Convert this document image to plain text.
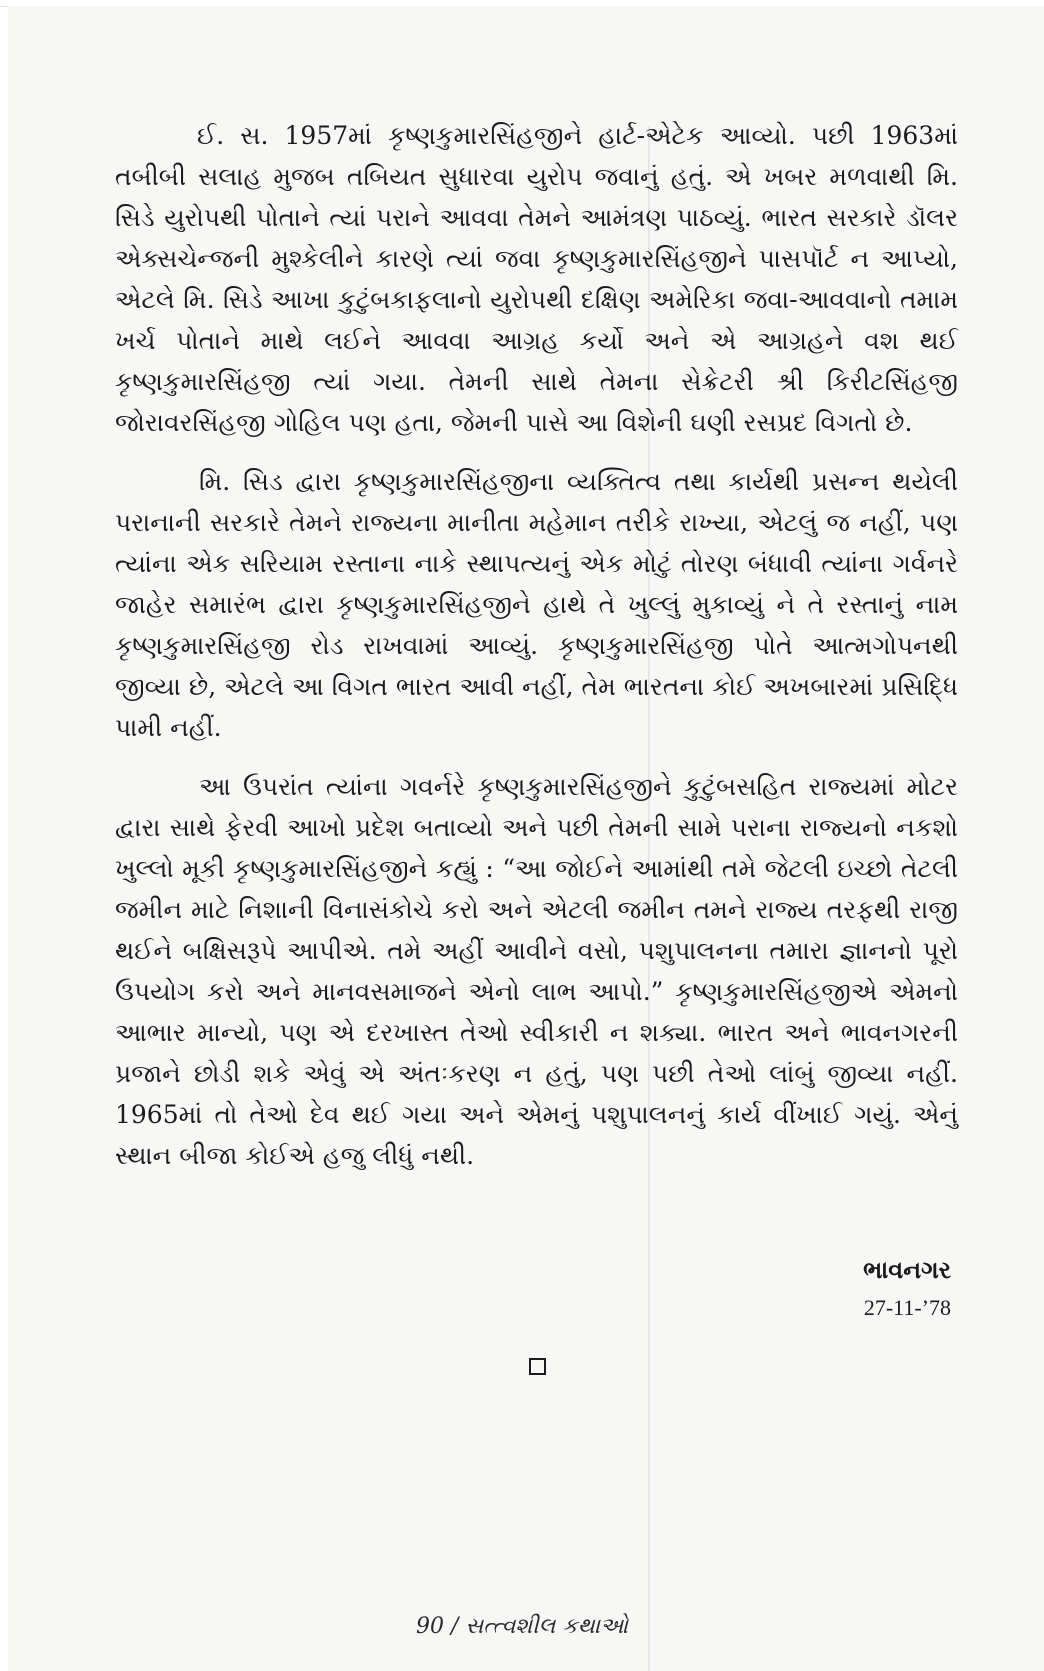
ઈ. સ. 1957માં કૃષ્ણકુમારસિંહજીને હાર્ટ-એટેક આવ્યો. પછી 1963માં તબીબી સલાહ મુજબ તબિયત સુધારવા યુરોપ જવાનું હતું. એ ખબર મળવાથી મિ. સિડે યુરોપથી પોતાને ત્યાં પરાને આવવા તેમને આમંત્રણ પાઠવ્યું. ભારત સરકારે ડૉલર એક્સચેન્જની મુશ્કેલીને કારણે ત્યાં જવા કૃષ્ણકુમારસિંહજીને પાસપૉર્ટ ન આપ્યો, એટલે મિ. સિડે આખા કુટુંબકાફલાનો યુરોપથી દક્ષિણ અમેરિકા જવા-આવવાનો તમામ ખર્ચ પોતાને માથે લઈને આવવા આગ્રહ કર્યો અને એ આગ્રહને વશ થઈ કૃષ્ણકુમારસિંહજી ત્યાં ગયા. તેમની સાથે તેમના સેક્રેટરી શ્રી કિરીટસિંહજી જોરાવરસિંહજી ગોહિલ પણ હતા, જેમની પાસે આ વિશેની ઘણી રસપ્રદ વિગતો છે.

મિ. સિડ દ્વારા કૃષ્ણકુમારસિંહજીના વ્યક્તિત્વ તથા કાર્યથી પ્રસન્ન થયેલી પરાનાની સરકારે તેમને રાજ્યના માનીતા મહેમાન તરીકે રાખ્યા, એટલું જ નહીં, પણ ત્યાંના એક સરિયામ રસ્તાના નાકે સ્થાપત્યનું એક મોટું તોરણ બંધાવી ત્યાંના ગર્વનરે જાહેર સમારંભ દ્વારા કૃષ્ણકુમારસિંહજીને હાથે તે ખુલ્લું મુકાવ્યું ને તે રસ્તાનું નામ કૃષ્ણકુમારસિંહજી રોડ રાખવામાં આવ્યું. કૃષ્ણકુમારસિંહજી પોતે આત્મગોપનથી જીવ્યા છે, એટલે આ વિગત ભારત આવી નહીં, તેમ ભારતના કોઈ અખબારમાં પ્રસિદ્ધિ પામી નહીં.

આ ઉપરાંત ત્યાંના ગવર્નરે કૃષ્ણકુમારસિંહજીને કુટુંબસહિત રાજ્યમાં મોટર દ્વારા સાથે ફેરવી આખો પ્રદેશ બતાવ્યો અને પછી તેમની સામે પરાના રાજ્યનો નકશો ખુલ્લો મૂકી કૃષ્ણકુમારસિંહજીને કહ્યું : “આ જોઈને આમાંથી તમે જેટલી ઇચ્છો તેટલી જમીન માટે નિશાની વિનાસંકોચે કરો અને એટલી જમીન તમને રાજ્ય તરફથી રાજી થઈને બક્ષિસરૂપે આપીએ. તમે અહીં આવીને વસો, પશુપાલનના તમારા જ્ઞાનનો પૂરો ઉપયોગ કરો અને માનવસમાજને એનો લાભ આપો.” કૃષ્ણકુમારસિંહજીએ એમનો આભાર માન્યો, પણ એ દરખાસ્ત તેઓ સ્વીકારી ન શક્યા. ભારત અને ભાવનગરની પ્રજાને છોડી શકે એવું એ અંતઃકરણ ન હતું, પણ પછી તેઓ લાંબું જીવ્યા નહીં. 1965માં તો તેઓ દેવ થઈ ગયા અને એમનું પશુપાલનનું કાર્ય વીંખાઈ ગયું. એનું સ્થાન બીજા કોઈએ હજુ લીધું નથી.

ભાવનગર
27-11-’78
90 / સત્ત્વશીલ કથાઓ
